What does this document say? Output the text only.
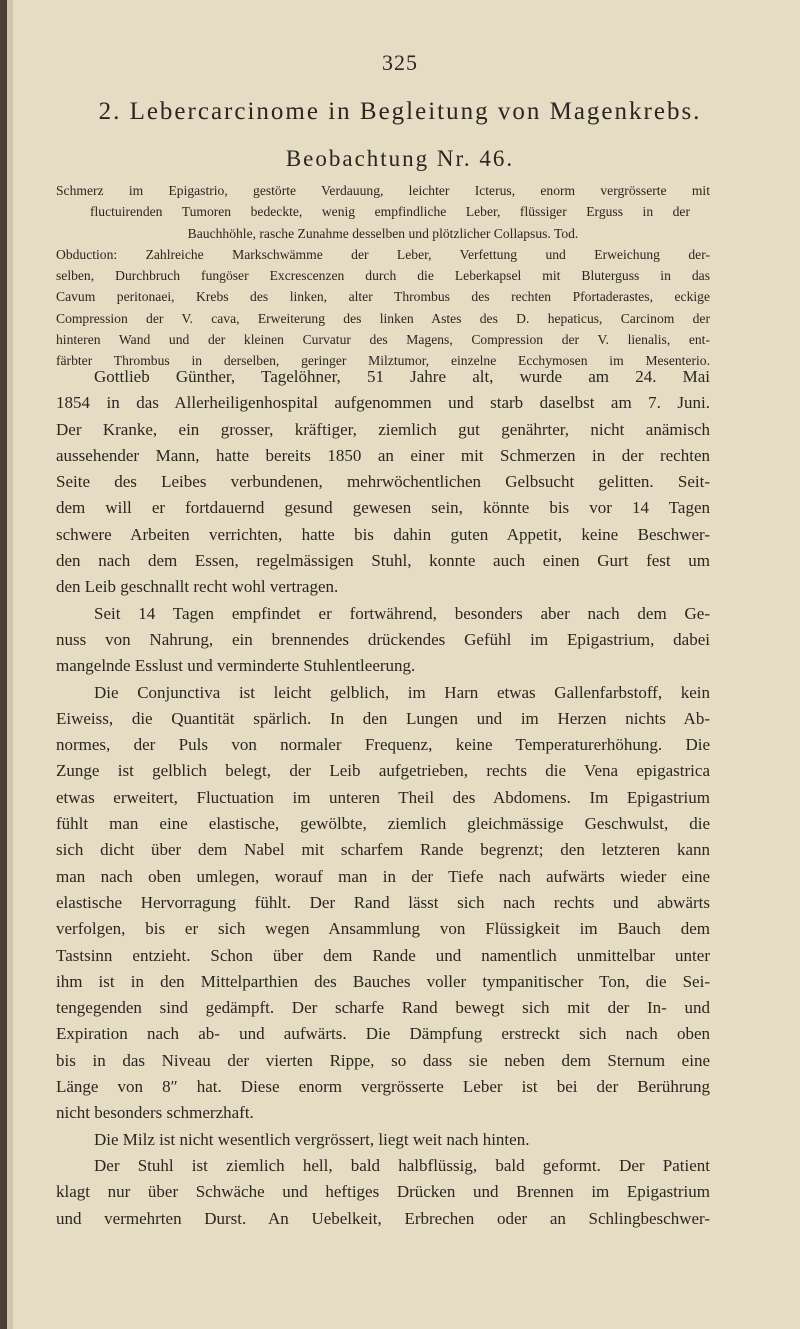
325
2. Lebercarcinome in Begleitung von Magenkrebs.
Beobachtung Nr. 46.
Schmerz im Epigastrio, gestörte Verdauung, leichter Icterus, enorm vergrösserte mit
fluctuirenden Tumoren bedeckte, wenig empfindliche Leber, flüssiger Erguss in der
Bauchhöhle, rasche Zunahme desselben und plötzlicher Collapsus. Tod.
Obduction: Zahlreiche Markschwämme der Leber, Verfettung und Erweichung der-
selben, Durchbruch fungöser Excrescenzen durch die Leberkapsel mit Bluterguss in das
Cavum peritonaei, Krebs des linken, alter Thrombus des rechten Pfortaderastes, eckige
Compression der V. cava, Erweiterung des linken Astes des D. hepaticus, Carcinom der
hinteren Wand und der kleinen Curvatur des Magens, Compression der V. lienalis, ent-
färbter Thrombus in derselben, geringer Milztumor, einzelne Ecchymosen im Mesenterio.
Gottlieb Günther, Tagelöhner, 51 Jahre alt, wurde am 24. Mai
1854 in das Allerheiligenhospital aufgenommen und starb daselbst am 7. Juni.
Der Kranke, ein grosser, kräftiger, ziemlich gut genährter, nicht anämisch
aussehender Mann, hatte bereits 1850 an einer mit Schmerzen in der rechten
Seite des Leibes verbundenen, mehrwöchentlichen Gelbsucht gelitten. Seit-
dem will er fortdauernd gesund gewesen sein, könnte bis vor 14 Tagen
schwere Arbeiten verrichten, hatte bis dahin guten Appetit, keine Beschwer-
den nach dem Essen, regelmässigen Stuhl, konnte auch einen Gurt fest um
den Leib geschnallt recht wohl vertragen.
Seit 14 Tagen empfindet er fortwährend, besonders aber nach dem Ge-
nuss von Nahrung, ein brennendes drückendes Gefühl im Epigastrium, dabei
mangelnde Esslust und verminderte Stuhlentleerung.
Die Conjunctiva ist leicht gelblich, im Harn etwas Gallenfarbstoff, kein
Eiweiss, die Quantität spärlich. In den Lungen und im Herzen nichts Ab-
normes, der Puls von normaler Frequenz, keine Temperaturerhöhung. Die
Zunge ist gelblich belegt, der Leib aufgetrieben, rechts die Vena epigastrica
etwas erweitert, Fluctuation im unteren Theil des Abdomens. Im Epigastrium
fühlt man eine elastische, gewölbte, ziemlich gleichmässige Geschwulst, die
sich dicht über dem Nabel mit scharfem Rande begrenzt; den letzteren kann
man nach oben umlegen, worauf man in der Tiefe nach aufwärts wieder eine
elastische Hervorragung fühlt. Der Rand lässt sich nach rechts und abwärts
verfolgen, bis er sich wegen Ansammlung von Flüssigkeit im Bauch dem
Tastsinn entzieht. Schon über dem Rande und namentlich unmittelbar unter
ihm ist in den Mittelparthien des Bauches voller tympanitischer Ton, die Sei-
tengegenden sind gedämpft. Der scharfe Rand bewegt sich mit der In- und
Expiration nach ab- und aufwärts. Die Dämpfung erstreckt sich nach oben
bis in das Niveau der vierten Rippe, so dass sie neben dem Sternum eine
Länge von 8″ hat. Diese enorm vergrösserte Leber ist bei der Berührung
nicht besonders schmerzhaft.
Die Milz ist nicht wesentlich vergrössert, liegt weit nach hinten.
Der Stuhl ist ziemlich hell, bald halbflüssig, bald geformt. Der Patient
klagt nur über Schwäche und heftiges Drücken und Brennen im Epigastrium
und vermehrten Durst. An Uebelkeit, Erbrechen oder an Schlingbeschwer-
